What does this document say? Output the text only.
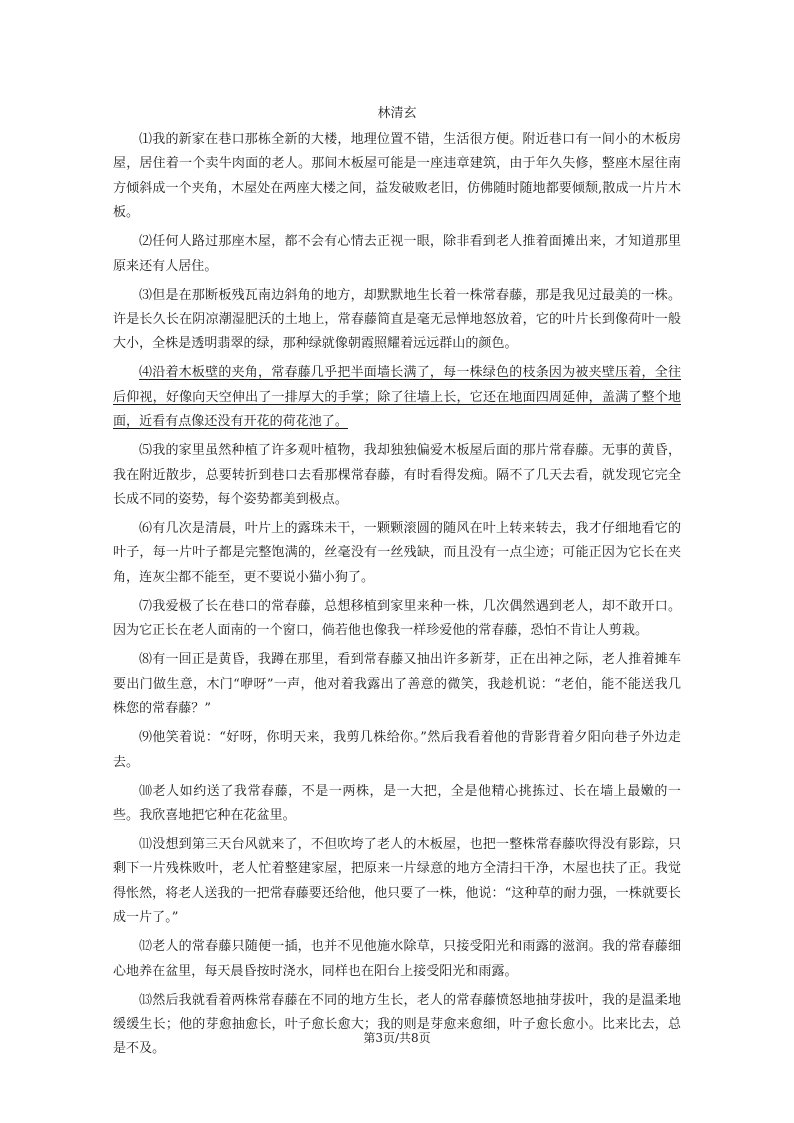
林清玄

⑴我的新家在巷口那栋全新的大楼，地理位置不错，生活很方便。附近巷口有一间小的木板房屋，居住着一个卖牛肉面的老人。那间木板屋可能是一座违章建筑，由于年久失修，整座木屋往南方倾斜成一个夹角，木屋处在两座大楼之间，益发破败老旧，仿佛随时随地都要倾颓,散成一片片木板。

⑵任何人路过那座木屋，都不会有心情去正视一眼，除非看到老人推着面摊出来，才知道那里原来还有人居住。

⑶但是在那断板残瓦南边斜角的地方，却默默地生长着一株常春藤，那是我见过最美的一株。许是长久长在阴凉潮湿肥沃的土地上，常春藤简直是毫无忌惮地怒放着，它的叶片长到像荷叶一般大小，全株是透明翡翠的绿，那种绿就像朝霞照耀着远远群山的颜色。

⑷沿着木板壁的夹角，常春藤几乎把半面墙长满了，每一株绿色的枝条因为被夹壁压着，全往后仰视，好像向天空伸出了一排厚大的手掌；除了往墙上长，它还在地面四周延伸，盖满了整个地面，近看有点像还没有开花的荷花池了。

⑸我的家里虽然种植了许多观叶植物，我却独独偏爱木板屋后面的那片常春藤。无事的黄昏，我在附近散步，总要转折到巷口去看那棵常春藤，有时看得发痴。隔不了几天去看，就发现它完全长成不同的姿势，每个姿势都美到极点。

⑹有几次是清晨，叶片上的露珠未干，一颗颗滚圆的随风在叶上转来转去，我才仔细地看它的叶子，每一片叶子都是完整饱满的，丝毫没有一丝残缺，而且没有一点尘迹；可能正因为它长在夹角，连灰尘都不能至，更不要说小猫小狗了。

⑺我爱极了长在巷口的常春藤，总想移植到家里来种一株，几次偶然遇到老人，却不敢开口。因为它正长在老人面南的一个窗口，倘若他也像我一样珍爱他的常春藤，恐怕不肯让人剪栽。

⑻有一回正是黄昏，我蹲在那里，看到常春藤又抽出许多新芽，正在出神之际，老人推着摊车要出门做生意，木门“咿呀”一声，他对着我露出了善意的微笑，我趁机说：“老伯，能不能送我几株您的常春藤？”

⑼他笑着说：“好呀，你明天来，我剪几株给你。”然后我看着他的背影背着夕阳向巷子外边走去。

⑽老人如约送了我常春藤，不是一两株，是一大把，全是他精心挑拣过、长在墙上最嫩的一些。我欣喜地把它种在花盆里。

⑾没想到第三天台风就来了，不但吹垮了老人的木板屋，也把一整株常春藤吹得没有影踪，只剩下一片残株败叶，老人忙着整建家屋，把原来一片绿意的地方全清扫干净，木屋也扶了正。我觉得怅然，将老人送我的一把常春藤要还给他，他只要了一株，他说：“这种草的耐力强，一株就要长成一片了。”

⑿老人的常春藤只随便一插，也并不见他施水除草，只接受阳光和雨露的滋润。我的常春藤细心地养在盆里，每天晨昏按时浇水，同样也在阳台上接受阳光和雨露。

⒀然后我就看着两株常春藤在不同的地方生长，老人的常春藤愤怒地抽芽拔叶，我的是温柔地缓缓生长；他的芽愈抽愈长，叶子愈长愈大；我的则是芽愈来愈细，叶子愈长愈小。比来比去，总是不及。

第3页/共8页
